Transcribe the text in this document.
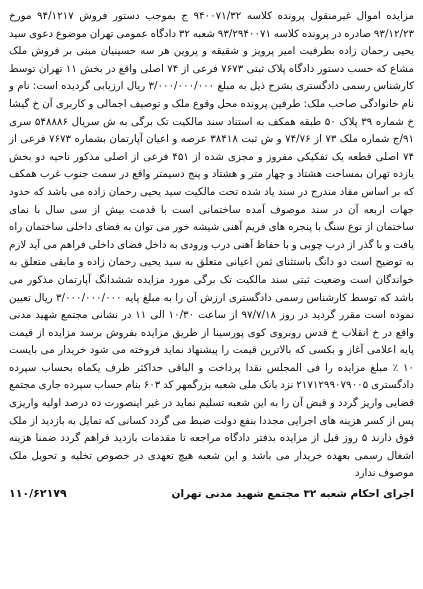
مزایده اموال غیرمنقول پرونده کلاسه ۹۴۰۰۷۱/۳۲ ج بموجب دستور فروش ۹۴/۱۲۱۷ مورخ ۹۳/۱۲/۲۳ صادره در پرونده کلاسه ۹۳/۲۹۴۰۰۷۱ شعبه ۳۲ دادگاه عمومی تهران موضوع دعوی سید یحیی رحمان زاده بطرفیت امیر پرویز و شقیقه و پروین هر سه حسینیان مبنی بر فروش ملک مشاع که حسب دستور دادگاه پلاک ثبتی ۷۶۷۳ فرعی از ۷۴ اصلی واقع در بخش ۱۱ تهران توسط کارشناس رسمی دادگستری بشرح ذیل به مبلغ ۳/۰۰۰/۰۰۰/۰۰۰ ریال ارزیابی گردیده است: نام و نام خانوادگی صاحب ملک: طرفین پرونده محل وقوع ملک و توصیف اجمالی و کاربری آن خ گیشا خ شماره ۳۹ پلاک ۵۰ طبقه همکف به استناد سند مالکیت تک برگی به ش سریال ۵۴۸۸۸۶ سری ۹۱/ج شماره ملک ۷۳ از ۷۴/۷۶ و ش ثبت ۳۸۴۱۸ عرصه و اعیان آپارتمان بشماره ۷۶۷۳ فرعی از ۷۴ اصلی قطعه یک تفکیکی مفروز و مجزی شده از ۴۵۱ فرعی از اصلی مذکور ناحیه دو بخش یازده تهران بمساحت هشتاد و چهار متر و هشتاد و پنج دسیمتر واقع در سمت جنوب غرب همکف که بر اساس مفاد مندرج در سند یاد شده تحت مالکیت سید یحیی رحمان زاده می باشد که حدود جهات اربعه آن در سند موصوف آمده ساختمانی است با قدمت بیش از سی سال با نمای ساختمان از نوع سنگ با پنجره های فریم آهنی شیشه خور می توان به فضای داخلی ساختمان راه یافت و با گذر از درب چوبی و با حفاظ آهنی درب ورودی به داخل فضای داخلی فراهم می آید لازم به توضیح است دو دانگ باستثنای ثمن اعیانی متعلق به سید یحیی رحمان زاده و مابقی متعلق به خواندگان است وضعیت ثبتی سند مالکیت تک برگی مورد مزایده ششدانگ آپارتمان مذکور می باشد که توسط کارشناس رسمی دادگستری ارزش آن را به مبلغ پایه ۳/۰۰۰/۰۰۰/۰۰۰ ریال تعیین نموده است مقرر گردید در روز ۹۷/۷/۱۸ از ساعت ۱۰/۳۰ الی ۱۱ در نشانی مجتمع شهید مدنی واقع در خ انقلاب خ قدس روبروی کوی پورسینا از طریق مزایده بفروش برسد مزایده از قیمت پایه اعلامی آغاز و بکسی که بالاترین قیمت را پیشنهاد نماید فروخته می شود خریدار می بایست ۱۰ ٪ مبلغ مزایده را فی المجلس نقدا پرداخت و الباقی حداکثر ظرف یکماه بحساب سپرده دادگستری ۲۱۷۱۲۹۹۰۷۹۰۰۵ نزد بانک ملی شعبه بزرگمهر کد ۶۰۳ بنام حساب سپرده جاری مجتمع قضایی واریز گردد و قبض آن را به این شعبه تسلیم نماید در غیر اینصورت ده درصد اولیه واریزی پس از کسر هزینه های اجرایی مجددا بنفع دولت ضبط می گردد کسانی که تمایل به بازدید از ملک فوق دارند ۵ روز قبل از مزایده بدفتر دادگاه مراجعه تا مقدمات بازدید فراهم گردد ضمنا هزینه اشغال رسمی بعهده خریدار می باشد و این شعبه هیچ تعهدی در خصوص تخلیه و تحویل ملک موصوف ندارد

اجرای احکام شعبه ۳۲ مجتمع شهید مدنی تهران
۱۱۰/۶۲۱۷۹
